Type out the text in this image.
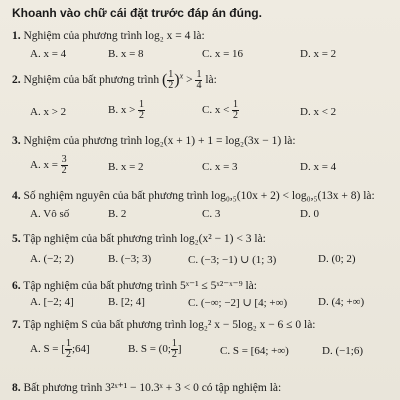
Khoanh vào chữ cái đặt trước đáp án đúng.
1. Nghiệm của phương trình log₂ x = 4 là:
A. x = 4	B. x = 8	C. x = 16	D. x = 2
2. Nghiệm của bất phương trình ( $\frac{1}{2} )^x > \frac{1}{4}$ là:
A. x > 2	B. $x > \frac{1}{2}$	C. $x < \frac{1}{2}$	D. x < 2
3. Nghiệm của phương trình log₂(x + 1) + 1 = log₂(3x − 1) là:
A. $x = \frac{3}{2}$	B. x = 2	C. x = 3	D. x = 4
4. Số nghiệm nguyên của bất phương trình log₀,₅(10x + 2) < log₀,₅(13x + 8) là:
A. Vô số	B. 2	C. 3	D. 0
5. Tập nghiệm của bất phương trình log₂(x² − 1) < 3 là:
A. (−2; 2)	B. (−3; 3)	C. (−3; −1) ∪ (1; 3)	D. (0; 2)
6. Tập nghiệm của bất phương trình 5ˣ⁻¹ ≤ 5ˣ²⁻ˣ⁻⁹ là:
A. [−2; 4]	B. [2; 4]	C. (−∞; −2] ∪ [4; +∞)	D. (4; +∞)
7. Tập nghiệm S của bất phương trình log₂² x − 5log₂ x − 6 ≤ 0 là:
A. S = [ $\frac{1}{2}$ ;64]	B. S = (0; $\frac{1}{2}$ ]	C. S = [64; +∞)	D. (−1;6)
8. Bất phương trình 3²ˣ⁺¹ − 10.3ˣ + 3 < 0 có tập nghiệm là:
